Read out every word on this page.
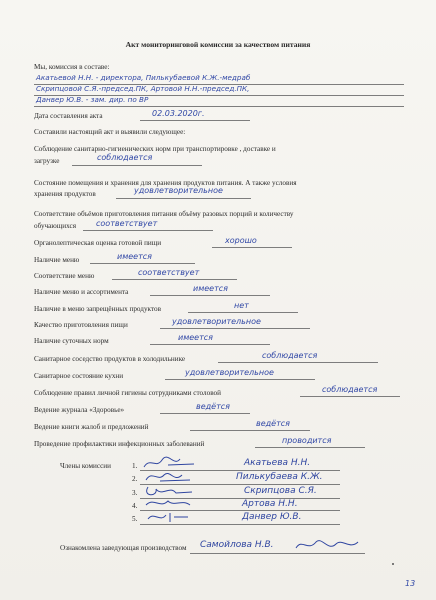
Акт мониторинговой комиссии за качеством питания
Мы, комиссия в составе:
Акатьевой Н.Н. - директора, Пилькубаевой К.Ж.-медраб
Скрипцовой С.Я.-председ.ПК, Артовой Н.Н.-председ.ПК,
Данвер Ю.В. - зам. дир. по ВР
Дата составления акта	02.03.2020г.
Составили настоящий акт и выявили следующее:
Соблюдение санитарно-гигиенических норм при транспортировке , доставке и
загрузке	соблюдается
Состояние помещения и хранения для хранения продуктов питания. А также условия
хранения продуктов	удовлетворительное
Соответствие объёмов приготовления питания объёму разовых порций и количеству
обучающихся соответствует
Органолептическая оценка готовой пищи	хорошо
Наличие меню	имеется
Соответствие меню	соответствует
Наличие меню и ассортимента	имеется
Наличие в меню запрещённых продуктов	нет
Качество приготовления пищи	удовлетворительное
Наличие суточных норм	имеется
Санитарное соседство продуктов в холодильнике	соблюдается
Санитарное состояние кухни	удовлетворительное
Соблюдение правил личной гигиены сотрудниками столовой	соблюдается
Ведение журнала «Здоровье»	ведётся
Ведение книги жалоб и предложений	ведётся
Проведение профилактики инфекционных заболеваний	проводится
Члены комиссии	1.	Акатьева Н.Н.
2.	Пилькубаева К.Ж.
3.	Скрипцова С.Я.
4.	Артова Н.Н.
5.	Данвер Ю.В.
Ознакомлена заведующая производством Самойлова Н.В.
13
